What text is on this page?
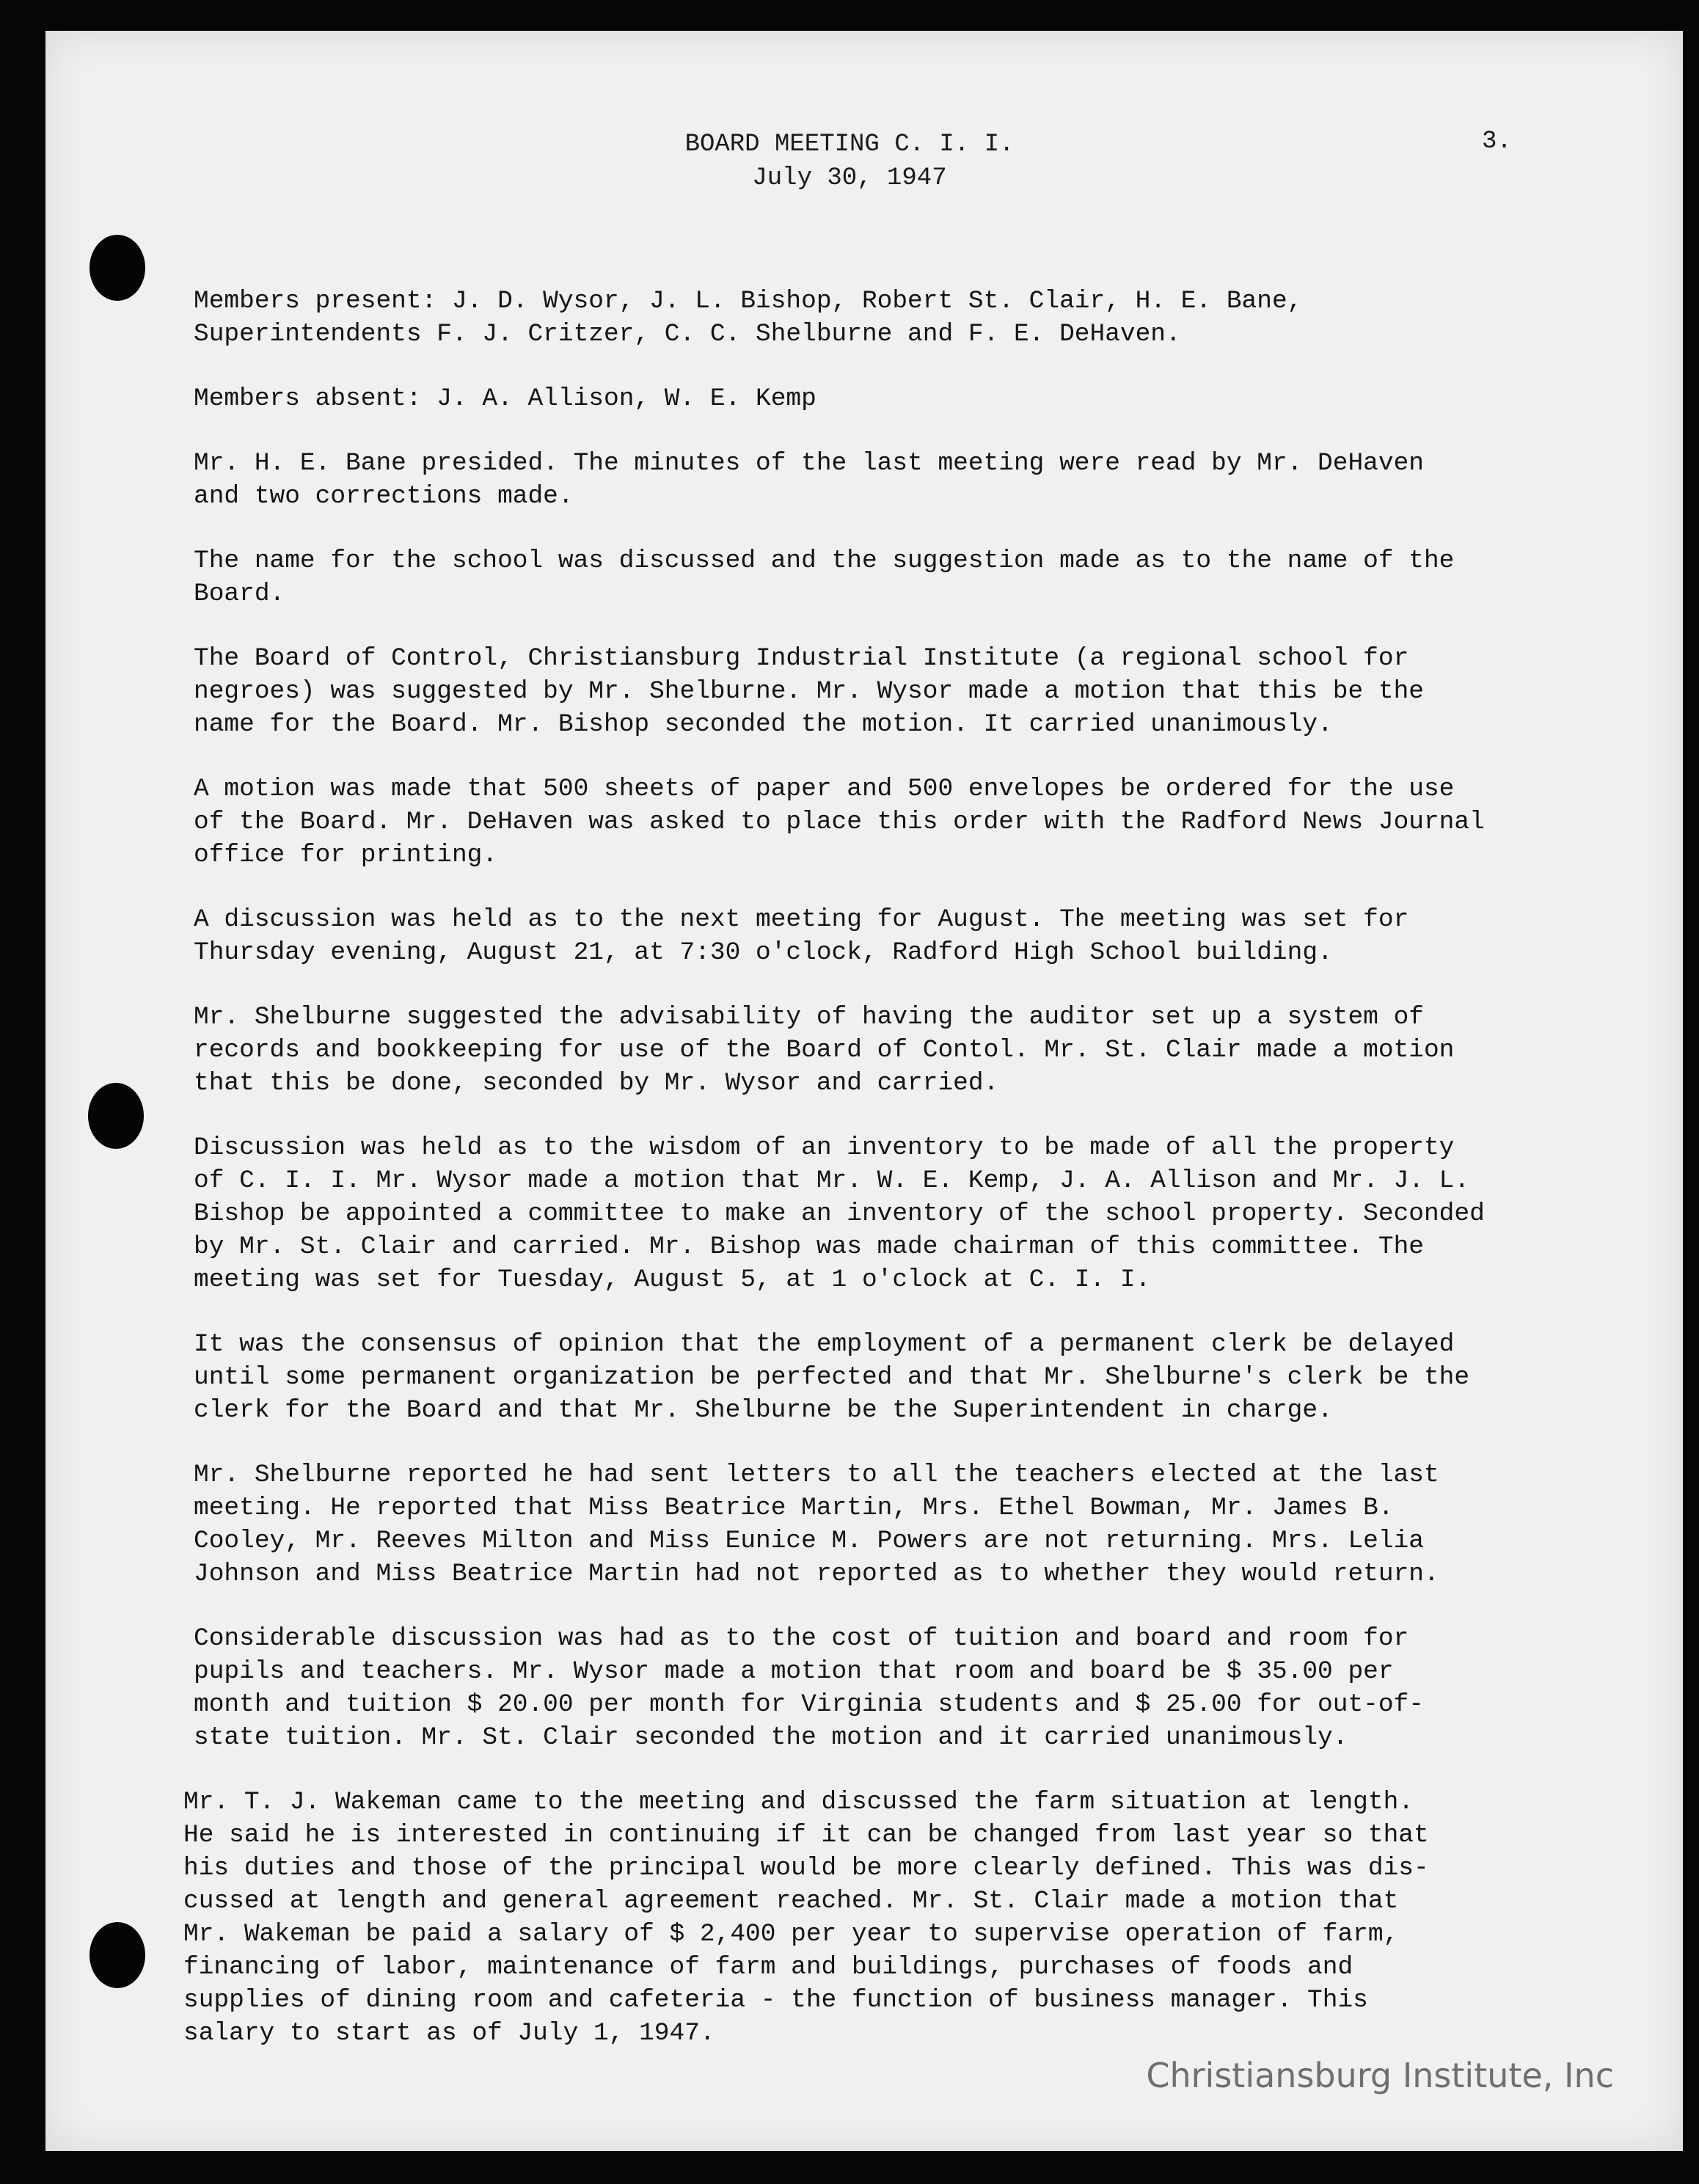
BOARD MEETING C. I. I.
July 30, 1947
3.

Members present: J. D. Wysor, J. L. Bishop, Robert St. Clair, H. E. Bane,
Superintendents F. J. Critzer, C. C. Shelburne and F. E. DeHaven.

Members absent: J. A. Allison, W. E. Kemp

Mr. H. E. Bane presided. The minutes of the last meeting were read by Mr. DeHaven
and two corrections made.

The name for the school was discussed and the suggestion made as to the name of the
Board.

The Board of Control, Christiansburg Industrial Institute (a regional school for
negroes) was suggested by Mr. Shelburne. Mr. Wysor made a motion that this be the
name for the Board. Mr. Bishop seconded the motion. It carried unanimously.

A motion was made that 500 sheets of paper and 500 envelopes be ordered for the use
of the Board. Mr. DeHaven was asked to place this order with the Radford News Journal
office for printing.

A discussion was held as to the next meeting for August. The meeting was set for
Thursday evening, August 21, at 7:30 o'clock, Radford High School building.

Mr. Shelburne suggested the advisability of having the auditor set up a system of
records and bookkeeping for use of the Board of Contol. Mr. St. Clair made a motion
that this be done, seconded by Mr. Wysor and carried.

Discussion was held as to the wisdom of an inventory to be made of all the property
of C. I. I. Mr. Wysor made a motion that Mr. W. E. Kemp, J. A. Allison and Mr. J. L.
Bishop be appointed a committee to make an inventory of the school property. Seconded
by Mr. St. Clair and carried. Mr. Bishop was made chairman of this committee. The
meeting was set for Tuesday, August 5, at 1 o'clock at C. I. I.

It was the consensus of opinion that the employment of a permanent clerk be delayed
until some permanent organization be perfected and that Mr. Shelburne's clerk be the
clerk for the Board and that Mr. Shelburne be the Superintendent in charge.

Mr. Shelburne reported he had sent letters to all the teachers elected at the last
meeting. He reported that Miss Beatrice Martin, Mrs. Ethel Bowman, Mr. James B.
Cooley, Mr. Reeves Milton and Miss Eunice M. Powers are not returning. Mrs. Lelia
Johnson and Miss Beatrice Martin had not reported as to whether they would return.

Considerable discussion was had as to the cost of tuition and board and room for
pupils and teachers. Mr. Wysor made a motion that room and board be $ 35.00 per
month and tuition $ 20.00 per month for Virginia students and $ 25.00 for out-of-
state tuition. Mr. St. Clair seconded the motion and it carried unanimously.

Mr. T. J. Wakeman came to the meeting and discussed the farm situation at length.
He said he is interested in continuing if it can be changed from last year so that
his duties and those of the principal would be more clearly defined. This was dis-
cussed at length and general agreement reached. Mr. St. Clair made a motion that
Mr. Wakeman be paid a salary of $ 2,400 per year to supervise operation of farm,
financing of labor, maintenance of farm and buildings, purchases of foods and
supplies of dining room and cafeteria - the function of business manager. This
salary to start as of July 1, 1947.

Christiansburg Institute, Inc
